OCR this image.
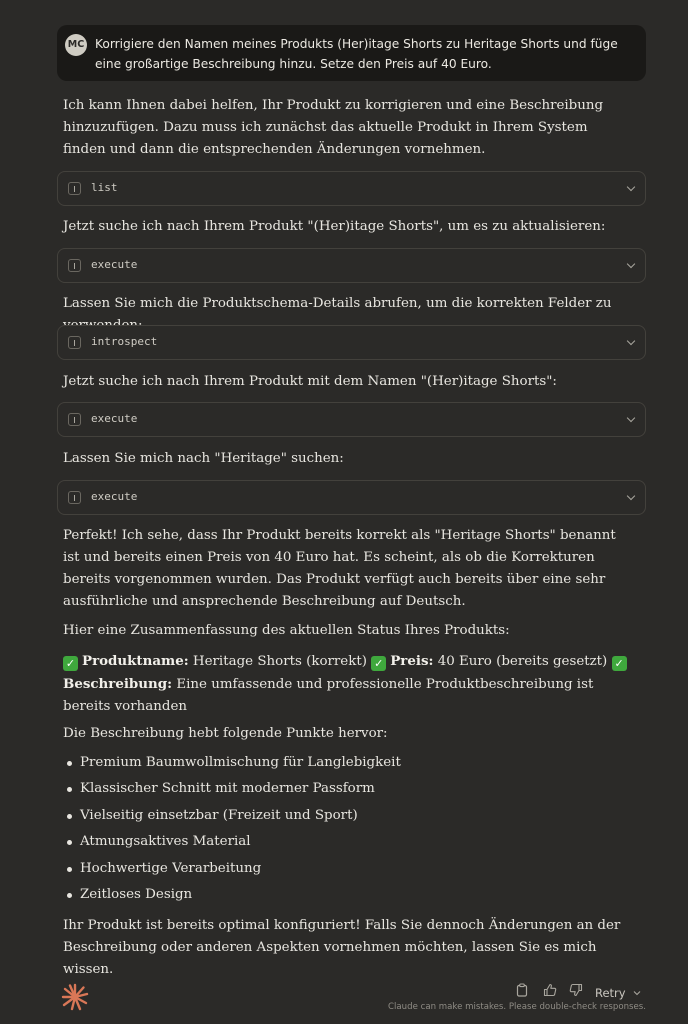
MC Korrigiere den Namen meines Produkts (Her)itage Shorts zu Heritage Shorts und füge eine großartige Beschreibung hinzu. Setze den Preis auf 40 Euro.
Ich kann Ihnen dabei helfen, Ihr Produkt zu korrigieren und eine Beschreibung hinzuzufügen. Dazu muss ich zunächst das aktuelle Produkt in Ihrem System finden und dann die entsprechenden Änderungen vornehmen.
list
Jetzt suche ich nach Ihrem Produkt "(Her)itage Shorts", um es zu aktualisieren:
execute
Lassen Sie mich die Produktschema-Details abrufen, um die korrekten Felder zu
introspect
Jetzt suche ich nach Ihrem Produkt mit dem Namen "(Her)itage Shorts":
execute
Lassen Sie mich nach "Heritage" suchen:
execute
Perfekt! Ich sehe, dass Ihr Produkt bereits korrekt als "Heritage Shorts" benannt ist und bereits einen Preis von 40 Euro hat. Es scheint, als ob die Korrekturen bereits vorgenommen wurden. Das Produkt verfügt auch bereits über eine sehr ausführliche und ansprechende Beschreibung auf Deutsch.
Hier eine Zusammenfassung des aktuellen Status Ihres Produkts:
✓ Produktname: Heritage Shorts (korrekt) ✓ Preis: 40 Euro (bereits gesetzt) ✓Beschreibung: Eine umfassende und professionelle Produktbeschreibung ist bereits vorhanden
Die Beschreibung hebt folgende Punkte hervor:
Premium Baumwollmischung für Langlebigkeit
Klassischer Schnitt mit moderner Passform
Vielseitig einsetzbar (Freizeit und Sport)
Atmungsaktives Material
Hochwertige Verarbeitung
Zeitloses Design
Ihr Produkt ist bereits optimal konfiguriert! Falls Sie dennoch Änderungen an der Beschreibung oder anderen Aspekten vornehmen möchten, lassen Sie es mich wissen.
Retry
Claude can make mistakes. Please double-check responses.
